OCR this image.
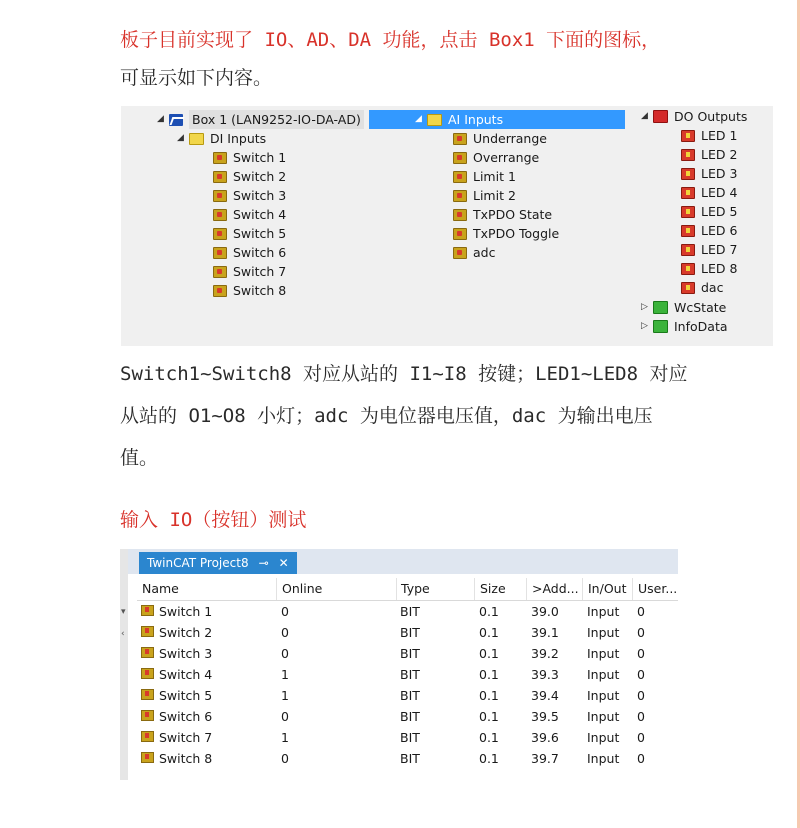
板子目前实现了 IO、AD、DA 功能，点击 Box1 下面的图标，
可显示如下内容。
◢	Box 1 (LAN9252-IO-DA-AD)
◢	DI Inputs
Switch 1
Switch 2
Switch 3
Switch 4
Switch 5
Switch 6
Switch 7
Switch 8
◢	AI Inputs
Underrange
Overrange
Limit 1
Limit 2
TxPDO State
TxPDO Toggle
adc
◢	DO Outputs
LED 1
LED 2
LED 3
LED 4
LED 5
LED 6
LED 7
LED 8
dac
▷	WcState
▷	InfoData
Switch1~Switch8 对应从站的 I1~I8 按键；LED1~LED8 对应
从站的 O1~O8 小灯；adc 为电位器电压值，dac 为输出电压
值。
输入 IO（按钮）测试
▾
‹
TwinCAT Project8 ⊸ ✕
Name	Online	Type	Size	>Add... In/Out User...
Switch 1	0	BIT	0.1	39.0 Input 0
Switch 2	0	BIT	0.1	39.1 Input 0
Switch 3	0	BIT	0.1	39.2 Input 0
Switch 4	1	BIT	0.1	39.3 Input 0
Switch 5	1	BIT	0.1	39.4 Input 0
Switch 6	0	BIT	0.1	39.5 Input 0
Switch 7	1	BIT	0.1	39.6 Input 0
Switch 8	0	BIT	0.1	39.7 Input 0
